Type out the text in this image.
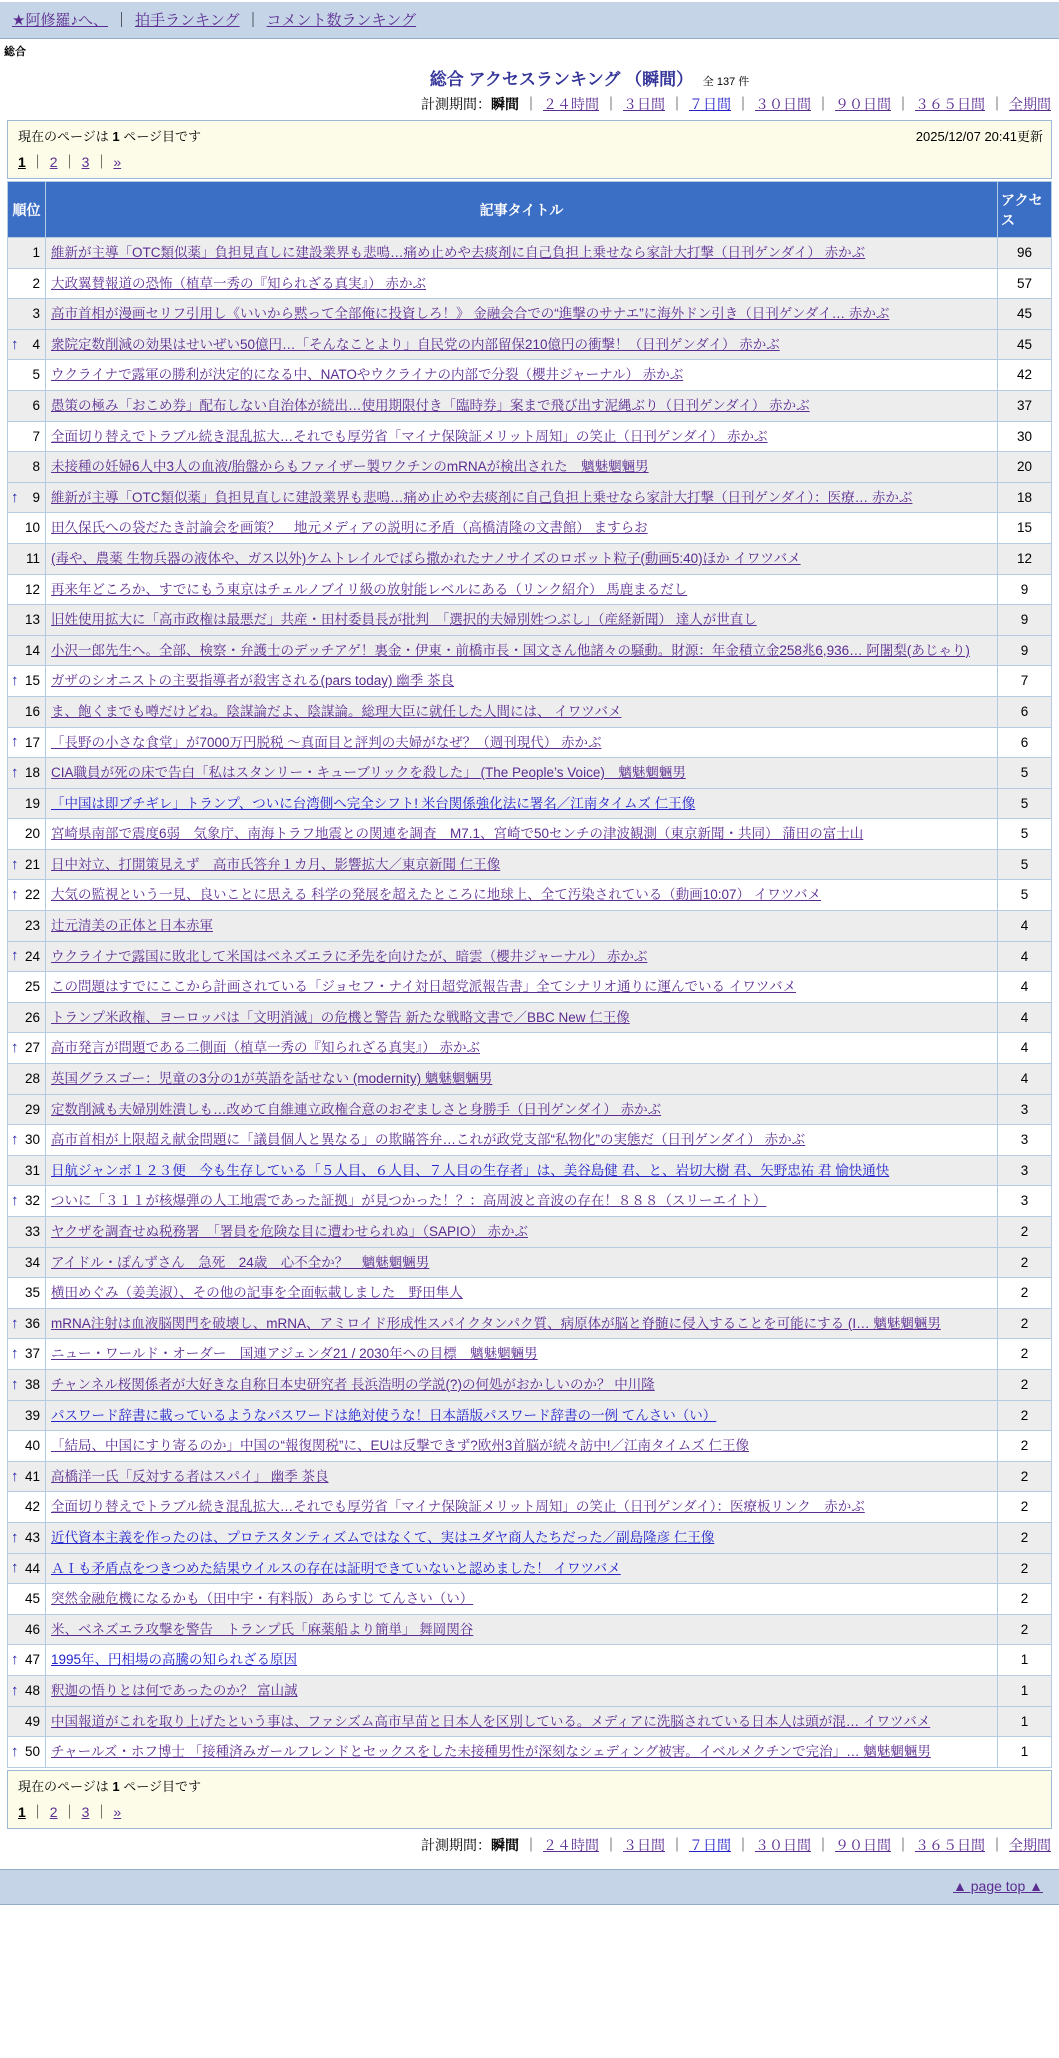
★阿修羅♪へ、 ｜ 拍手ランキング ｜ コメント数ランキング
総合
総合 アクセスランキング （瞬間） 全 137 件
計測期間：瞬間 ｜ ２４時間 ｜ ３日間 ｜ ７日間 ｜ ３０日間 ｜ ９０日間 ｜ ３６５日間 ｜ 全期間
現在のページは 1 ページ目です	2025/12/07 20:41更新
1 ｜ 2 ｜ 3 ｜ »
順位	記事タイトル	アクセス
1	維新が主導「OTC類似薬」負担見直しに建設業界も悲鳴…痛め止めや去痰剤に自己負担上乗せなら家計大打撃（日刊ゲンダイ） 赤かぶ	96
2	大政翼賛報道の恐怖（植草一秀の『知られざる真実』） 赤かぶ	57
3	高市首相が漫画セリフ引用し《いいから黙って全部俺に投資しろ！》 金融会合での“進撃のサナエ”に海外ドン引き（日刊ゲンダイ… 赤かぶ	45

↑ 4	衆院定数削減の効果はせいぜい50億円…「そんなことより」自民党の内部留保210億円の衝撃！（日刊ゲンダイ） 赤かぶ	45
5	ウクライナで露軍の勝利が決定的になる中、NATOやウクライナの内部で分裂（櫻井ジャーナル） 赤かぶ	42
6	愚策の極み「おこめ券」配布しない自治体が続出…使用期限付き「臨時券」案まで飛び出す泥縄ぶり（日刊ゲンダイ） 赤かぶ	37
7	全面切り替えでトラブル続き混乱拡大…それでも厚労省「マイナ保険証メリット周知」の笑止（日刊ゲンダイ） 赤かぶ	30
8	未接種の妊婦6人中3人の血液/胎盤からもファイザー製ワクチンのmRNAが検出された　魑魅魍魎男	20

↑ 9	維新が主導「OTC類似薬」負担見直しに建設業界も悲鳴…痛め止めや去痰剤に自己負担上乗せなら家計大打撃（日刊ゲンダイ）：医療… 赤かぶ	18
10	田久保氏への袋だたき討論会を画策？　地元メディアの説明に矛盾（高橋清隆の文書館） ますらお	15
11	(毒や、農薬 生物兵器の液体や、ガス以外)ケムトレイルでばら撒かれたナノサイズのロボット粒子(動画5:40)ほか イワツバメ	12
12	再来年どころか、すでにもう東京はチェルノブイリ級の放射能レベルにある（リンク紹介） 馬鹿まるだし	9
13	旧姓使用拡大に「高市政権は最悪だ」共産・田村委員長が批判　「選択的夫婦別姓つぶし」（産経新聞） 達人が世直し	9
14	小沢一郎先生へ。全部、検察・弁護士のデッチアゲ！裏金・伊東・前橋市長・国文さん他諸々の騒動。財源：年金積立金258兆6,936… 阿闍梨(あじゃり)	9

↑ 15	ガザのシオニストの主要指導者が殺害される(pars today) 幽季 茶良	7
16	ま、飽くまでも噂だけどね。陰謀論だよ、陰謀論。総理大臣に就任した人間には、 イワツバメ	6

↑ 17	「長野の小さな食堂」が7000万円脱税 ～真面目と評判の夫婦がなぜ？（週刊現代） 赤かぶ	6

↑ 18	CIA職員が死の床で告白「私はスタンリー・キューブリックを殺した」 (The People’s Voice)　魑魅魍魎男	5
19	「中国は即ブチギレ」トランプ、ついに台湾側へ完全シフト! 米台関係強化法に署名／江南タイムズ 仁王像	5
20	宮崎県南部で震度6弱　気象庁、南海トラフ地震との関連を調査　M7.1、宮崎で50センチの津波観測（東京新聞・共同） 蒲田の富士山	5

↑ 21	日中対立、打開策見えず　高市氏答弁１カ月、影響拡大／東京新聞 仁王像	5

↑ 22	大気の監視という一見、良いことに思える 科学の発展を超えたところに地球上、全て汚染されている（動画10:07） イワツバメ	5
23	辻元清美の正体と日本赤軍	4

↑ 24	ウクライナで露国に敗北して米国はベネズエラに矛先を向けたが、暗雲（櫻井ジャーナル） 赤かぶ	4
25	この問題はすでにここから計画されている「ジョセフ・ナイ対日超党派報告書」全てシナリオ通りに運んでいる イワツバメ	4
26	トランプ米政権、ヨーロッパは「文明消滅」の危機と警告 新たな戦略文書で／BBC New 仁王像	4

↑ 27	高市発言が問題である二側面（植草一秀の『知られざる真実』） 赤かぶ	4
28	英国グラスゴー：児童の3分の1が英語を話せない (modernity) 魑魅魍魎男	4
29	定数削減も夫婦別姓潰しも…改めて自維連立政権合意のおぞましさと身勝手（日刊ゲンダイ） 赤かぶ	3

↑ 30	高市首相が上限超え献金問題に「議員個人と異なる」の欺瞞答弁…これが政党支部“私物化”の実態だ（日刊ゲンダイ） 赤かぶ	3
31	日航ジャンボ１２３便　今も生存している「５人目、６人目、７人目の生存者」は、美谷島健 君、と、岩切大樹 君、矢野忠祐 君 愉快通快	3

↑ 32	ついに「３１１が核爆弾の人工地震であった証拠」が見つかった！？：高周波と音波の存在！８８８（スリーエイト）	3
33	ヤクザを調査せぬ税務署　「署員を危険な目に遭わせられぬ」（SAPIO） 赤かぶ	2
34	アイドル・ぽんずさん　急死　24歳　心不全か？　魑魅魍魎男	2
35	横田めぐみ（姜美淑）、その他の記事を全面転載しました　野田隼人	2

↑ 36	mRNA注射は血液脳関門を破壊し、mRNA、アミロイド形成性スパイクタンパク質、病原体が脳と脊髄に侵入することを可能にする (I… 魑魅魍魎男	2

↑ 37	ニュー・ワールド・オーダー　国連アジェンダ21 / 2030年への目標　魑魅魍魎男	2

↑ 38	チャンネル桜関係者が大好きな自称日本史研究者 長浜浩明の学説(?)の何処がおかしいのか？ 中川隆	2
39	パスワード辞書に載っているようなパスワードは絶対使うな！日本語版パスワード辞書の一例 てんさい（い）	2
40	「結局、中国にすり寄るのか」中国の“報復関税”に、EUは反撃できず?欧州3首脳が続々訪中!／江南タイムズ 仁王像	2

↑ 41	高橋洋一氏「反対する者はスパイ」 幽季 茶良	2
42	全面切り替えでトラブル続き混乱拡大…それでも厚労省「マイナ保険証メリット周知」の笑止（日刊ゲンダイ）：医療板リンク　赤かぶ	2

↑ 43	近代資本主義を作ったのは、プロテスタンティズムではなくて、実はユダヤ商人たちだった／副島隆彦 仁王像	2

↑ 44	ＡＩも矛盾点をつきつめた結果ウイルスの存在は証明できていないと認めました！ イワツバメ	2
45	突然金融危機になるかも（田中宇・有料版）あらすじ てんさい（い）	2
46	米、ベネズエラ攻撃を警告　トランプ氏「麻薬船より簡単」 舞岡関谷	2

↑ 47	1995年、円相場の高騰の知られざる原因	1

↑ 48	釈迦の悟りとは何であったのか？ 富山誠	1
49	中国報道がこれを取り上げたという事は、ファシズム高市早苗と日本人を区別している。メディアに洗脳されている日本人は頭が混… イワツバメ	1

↑ 50	チャールズ・ホフ博士 「接種済みガールフレンドとセックスをした未接種男性が深刻なシェディング被害。イベルメクチンで完治」… 魑魅魍魎男	1
現在のページは 1 ページ目です
1 ｜ 2 ｜ 3 ｜ »
計測期間：瞬間 ｜ ２４時間 ｜ ３日間 ｜ ７日間 ｜ ３０日間 ｜ ９０日間 ｜ ３６５日間 ｜ 全期間
▲ page top ▲
